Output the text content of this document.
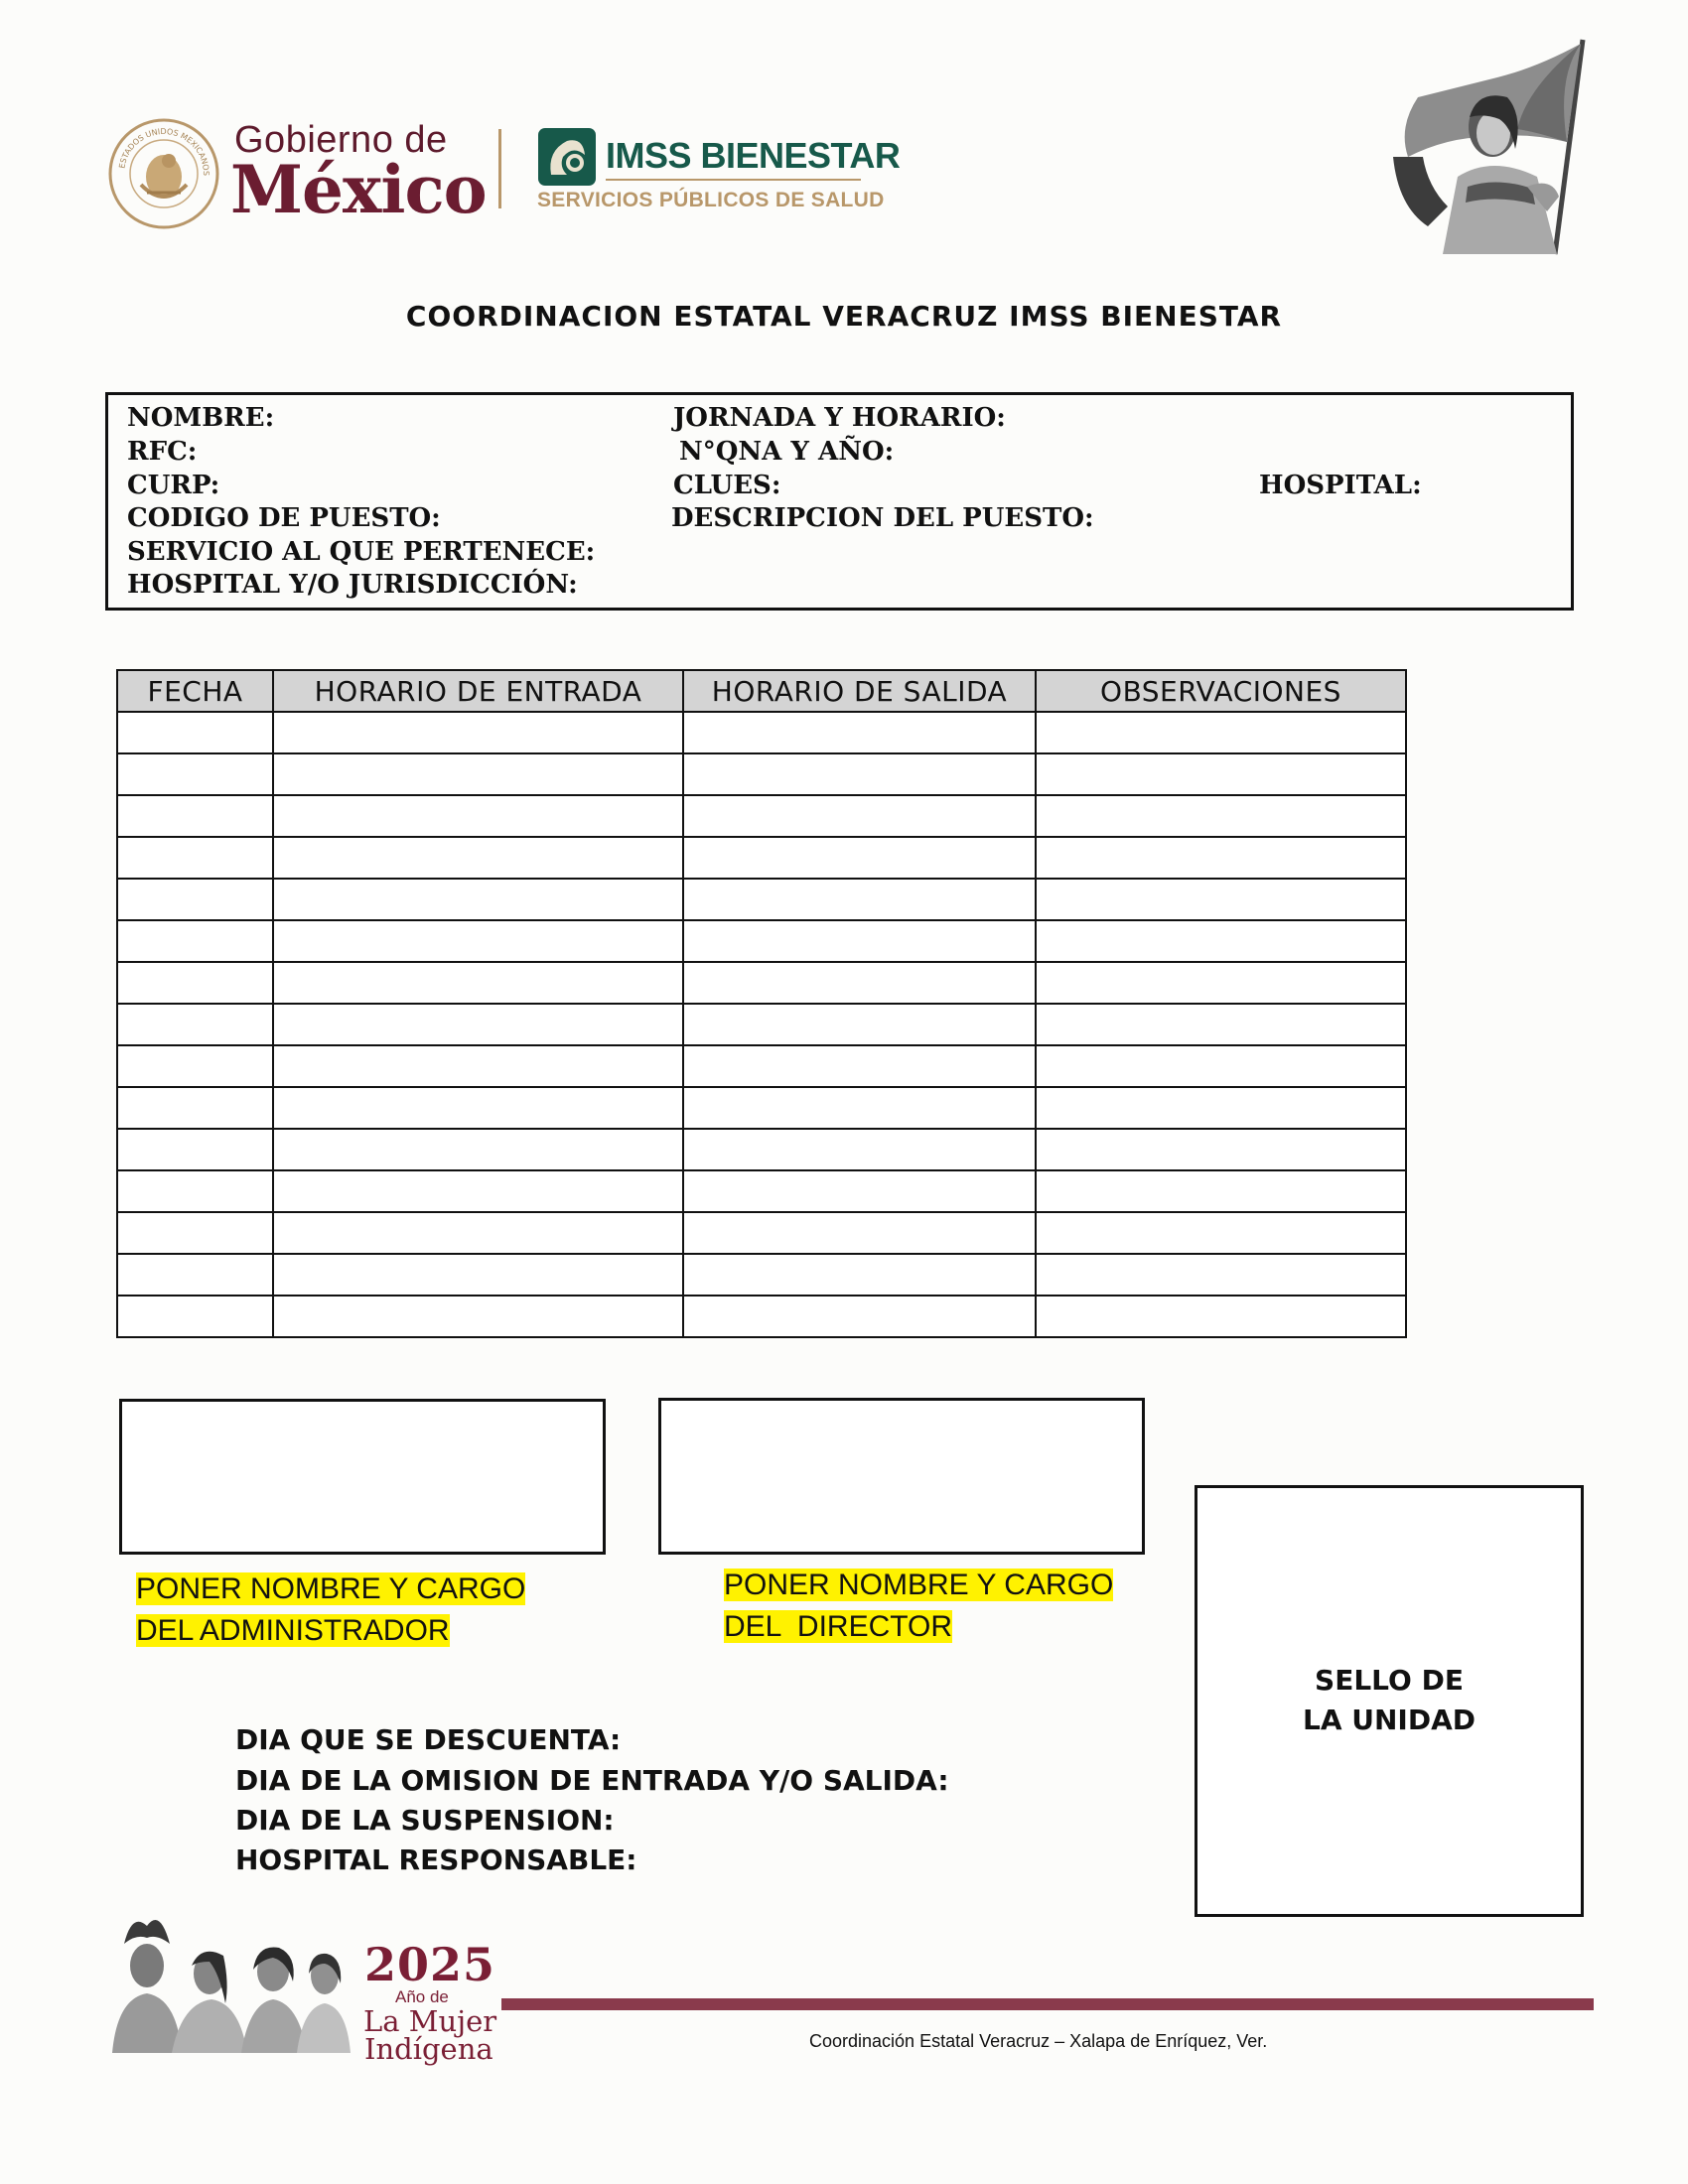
ESTADOS UNIDOS MEXICANOS
Gobierno de
México	IMSS BIENESTAR
SERVICIOS PÚBLICOS DE SALUD
COORDINACION ESTATAL VERACRUZ IMSS BIENESTAR
NOMBRE:
RFC:
CURP:
CODIGO DE PUESTO:
SERVICIO AL QUE PERTENECE:
HOSPITAL Y/O JURISDICCIÓN:
JORNADA Y HORARIO:
N°QNA Y AÑO:
CLUES:
DESCRIPCION DEL PUESTO:
HOSPITAL:
FECHA	HORARIO DE ENTRADA	HORARIO DE SALIDA	OBSERVACIONES

PONER NOMBRE Y CARGO
DEL ADMINISTRADOR
PONER NOMBRE Y CARGO
DEL  DIRECTOR
SELLO DE
LA UNIDAD
DIA QUE SE DESCUENTA:
DIA DE LA OMISION DE ENTRADA Y/O SALIDA:
DIA DE LA SUSPENSION:
HOSPITAL RESPONSABLE:
2025
Año de
La Mujer
Indígena	Coordinación Estatal Veracruz – Xalapa de Enríquez, Ver.
